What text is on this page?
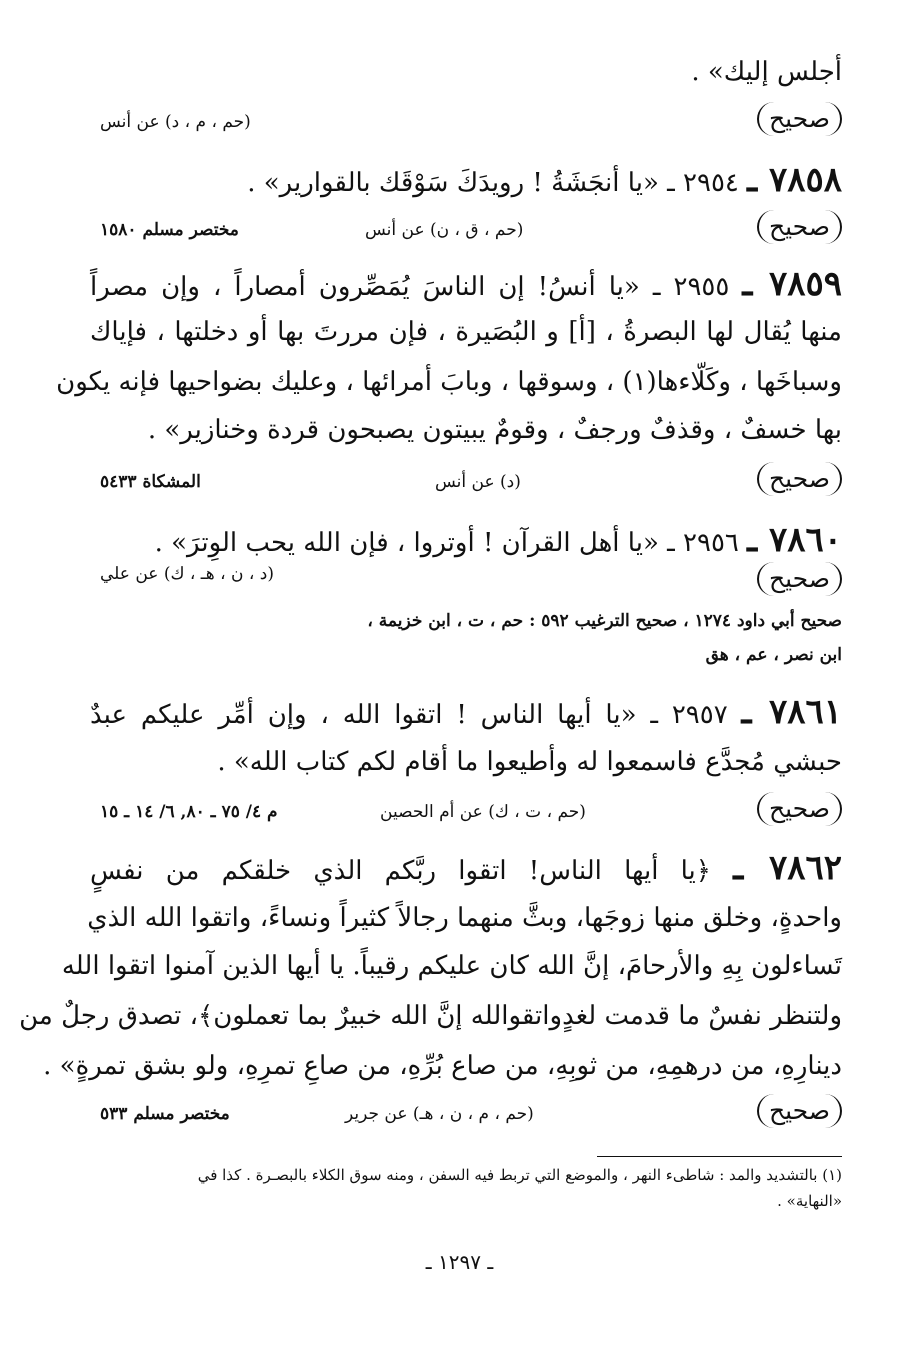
أجلس إليك» .
صحيح
(حم ، م ، د) عن أنس
٧٨٥٨ ـ ٢٩٥٤ ـ «يا أنجَشَةُ ! رويدَكَ سَوْقَك بالقوارير» .
صحيح
(حم ، ق ، ن) عن أنس
مختصر مسلم ١٥٨٠
٧٨٥٩ ـ ٢٩٥٥ ـ «يا أنسُ! إن الناسَ يُمَصِّرون أمصاراً ، وإن مصراً
منها يُقال لها البصرةُ ، [أ] و البُصَيرة ، فإن مررتَ بها أو دخلتها ، فإياك
وسباخَها ، وكَلّاءها(١) ، وسوقها ، وبابَ أمرائها ، وعليك بضواحيها فإنه يكون
بها خسفٌ ، وقذفٌ ورجفٌ ، وقومٌ يبيتون يصبحون قردة وخنازير» .
صحيح
(د) عن أنس
المشكاة ٥٤٣٣
٧٨٦٠ ـ ٢٩٥٦ ـ «يا أهل القرآن ! أوتروا ، فإن الله يحب الوِترَ» .
صحيح
(د ، ن ، هـ ، ك) عن علي
صحيح أبي داود ١٢٧٤ ، صحيح الترغيب ٥٩٢ : حم ، ت ، ابن خزيمة ،
ابن نصر ، عم ، هق
٧٨٦١ ـ ٢٩٥٧ ـ «يا أيها الناس ! اتقوا الله ، وإن أمِّر عليكم عبدٌ
حبشي مُجدَّع فاسمعوا له وأطيعوا ما أقام لكم كتاب الله» .
صحيح
(حم ، ت ، ك) عن أم الحصين
م ٤/ ٧٥ ـ ٨٠, ٦/ ١٤ ـ ١٥
٧٨٦٢ ـ ﴿يا أيها الناس! اتقوا ربَّكم الذي خلقكم من نفسٍ
واحدةٍ، وخلق منها زوجَها، وبثَّ منهما رجالاً كثيراً ونساءً، واتقوا الله الذي
تَساءلون بِهِ والأرحامَ، إنَّ الله كان عليكم رقيباً. يا أيها الذين آمنوا اتقوا الله
ولتنظر نفسٌ ما قدمت لغدٍواتقوالله إنَّ الله خبيرٌ بما تعملون﴾، تصدق رجلٌ من
دينارِهِ، من درهمِهِ، من ثوبِهِ، من صاع بُرِّهِ، من صاعِ تمرِهِ، ولو بشق تمرةٍ» .
صحيح
(حم ، م ، ن ، هـ) عن جرير
مختصر مسلم ٥٣٣
(١) بالتشديد والمد : شاطىء النهر ، والموضع التي تربط فيه السفن ، ومنه سوق الكلاء بالبصـرة . كذا في
«النهاية» .
ـ ١٢٩٧ ـ
